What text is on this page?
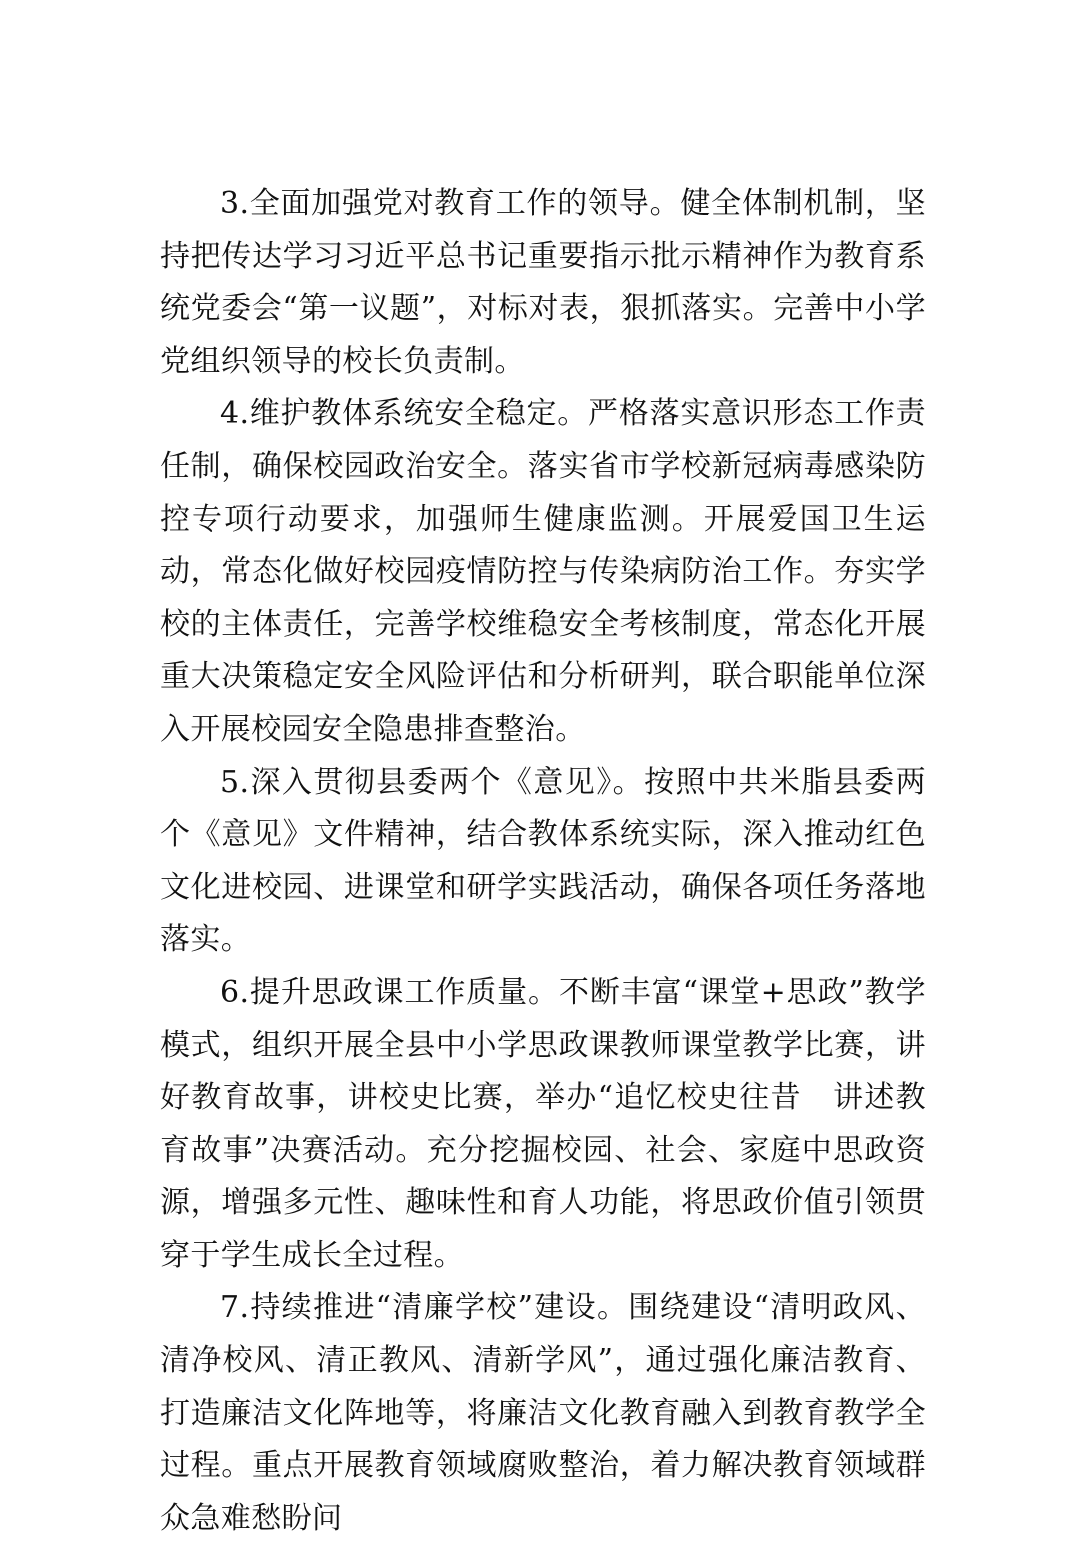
3.全面加强党对教育工作的领导。健全体制机制，坚持把传达学习习近平总书记重要指示批示精神作为教育系统党委会“第一议题”，对标对表，狠抓落实。完善中小学党组织领导的校长负责制。

4.维护教体系统安全稳定。严格落实意识形态工作责任制，确保校园政治安全。落实省市学校新冠病毒感染防控专项行动要求，加强师生健康监测。开展爱国卫生运动，常态化做好校园疫情防控与传染病防治工作。夯实学校的主体责任，完善学校维稳安全考核制度，常态化开展重大决策稳定安全风险评估和分析研判，联合职能单位深入开展校园安全隐患排查整治。

5.深入贯彻县委两个《意见》。按照中共米脂县委两个《意见》文件精神，结合教体系统实际，深入推动红色文化进校园、进课堂和研学实践活动，确保各项任务落地落实。

6.提升思政课工作质量。不断丰富“课堂+思政”教学模式，组织开展全县中小学思政课教师课堂教学比赛，讲好教育故事，讲校史比赛，举办“追忆校史往昔　讲述教育故事”决赛活动。充分挖掘校园、社会、家庭中思政资源，增强多元性、趣味性和育人功能，将思政价值引领贯穿于学生成长全过程。

7.持续推进“清廉学校”建设。围绕建设“清明政风、清净校风、清正教风、清新学风”，通过强化廉洁教育、打造廉洁文化阵地等，将廉洁文化教育融入到教育教学全过程。重点开展教育领域腐败整治，着力解决教育领域群众急难愁盼问
